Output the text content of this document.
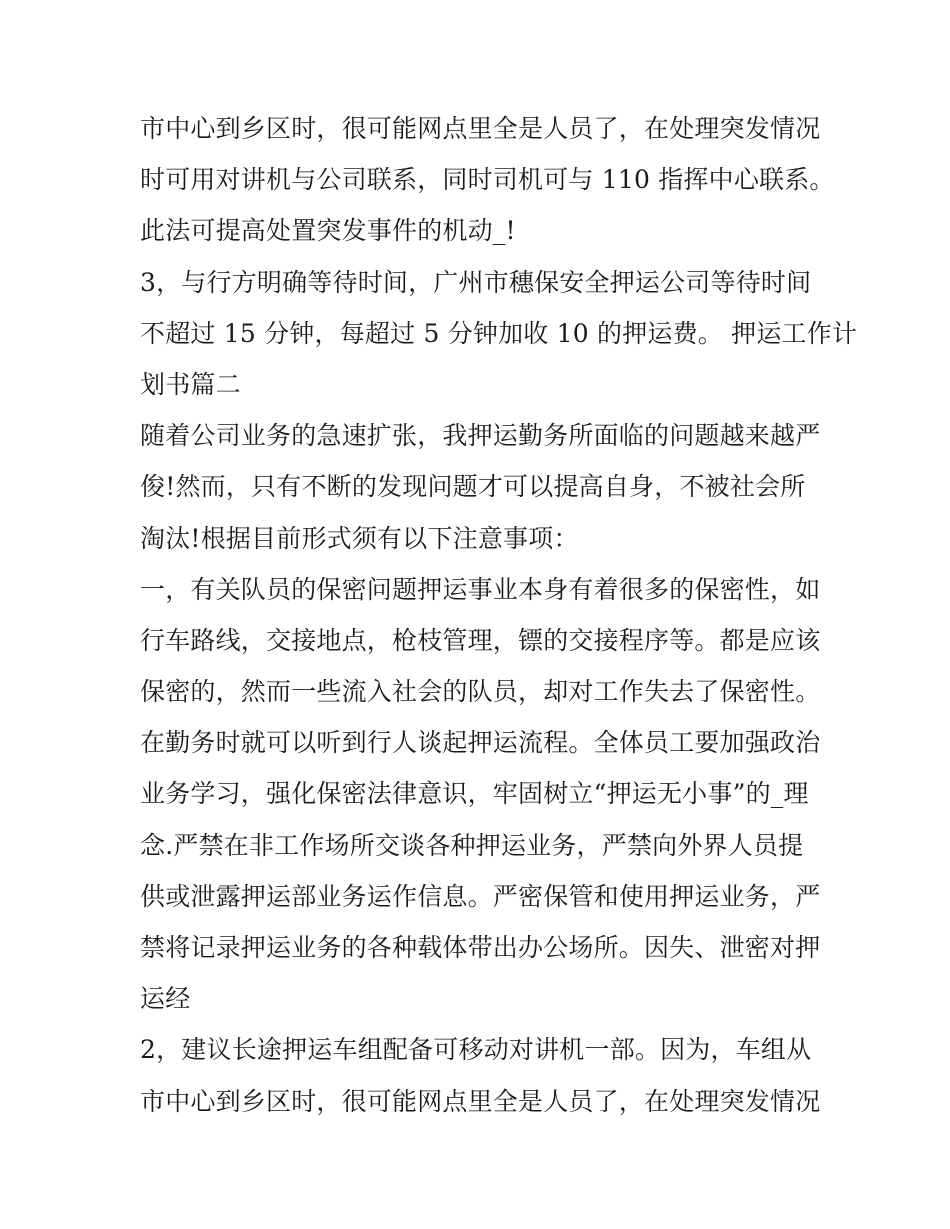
市中心到乡区时，很可能网点里全是人员了，在处理突发情况
时可用对讲机与公司联系，同时司机可与 110 指挥中心联系。
此法可提高处置突发事件的机动_!
3，与行方明确等待时间，广州市穗保安全押运公司等待时间
不超过 15 分钟，每超过 5 分钟加收 10 的押运费。 押运工作计
划书篇二
随着公司业务的急速扩张，我押运勤务所面临的问题越来越严
俊!然而，只有不断的发现问题才可以提高自身，不被社会所
淘汰!根据目前形式须有以下注意事项：
一，有关队员的保密问题押运事业本身有着很多的保密性，如
行车路线，交接地点，枪枝管理，镖的交接程序等。都是应该
保密的，然而一些流入社会的队员，却对工作失去了保密性。
在勤务时就可以听到行人谈起押运流程。全体员工要加强政治
业务学习，强化保密法律意识，牢固树立“押运无小事”的_理
念.严禁在非工作场所交谈各种押运业务，严禁向外界人员提
供或泄露押运部业务运作信息。严密保管和使用押运业务，严
禁将记录押运业务的各种载体带出办公场所。因失、泄密对押
运经
2，建议长途押运车组配备可移动对讲机一部。因为，车组从
市中心到乡区时，很可能网点里全是人员了，在处理突发情况
